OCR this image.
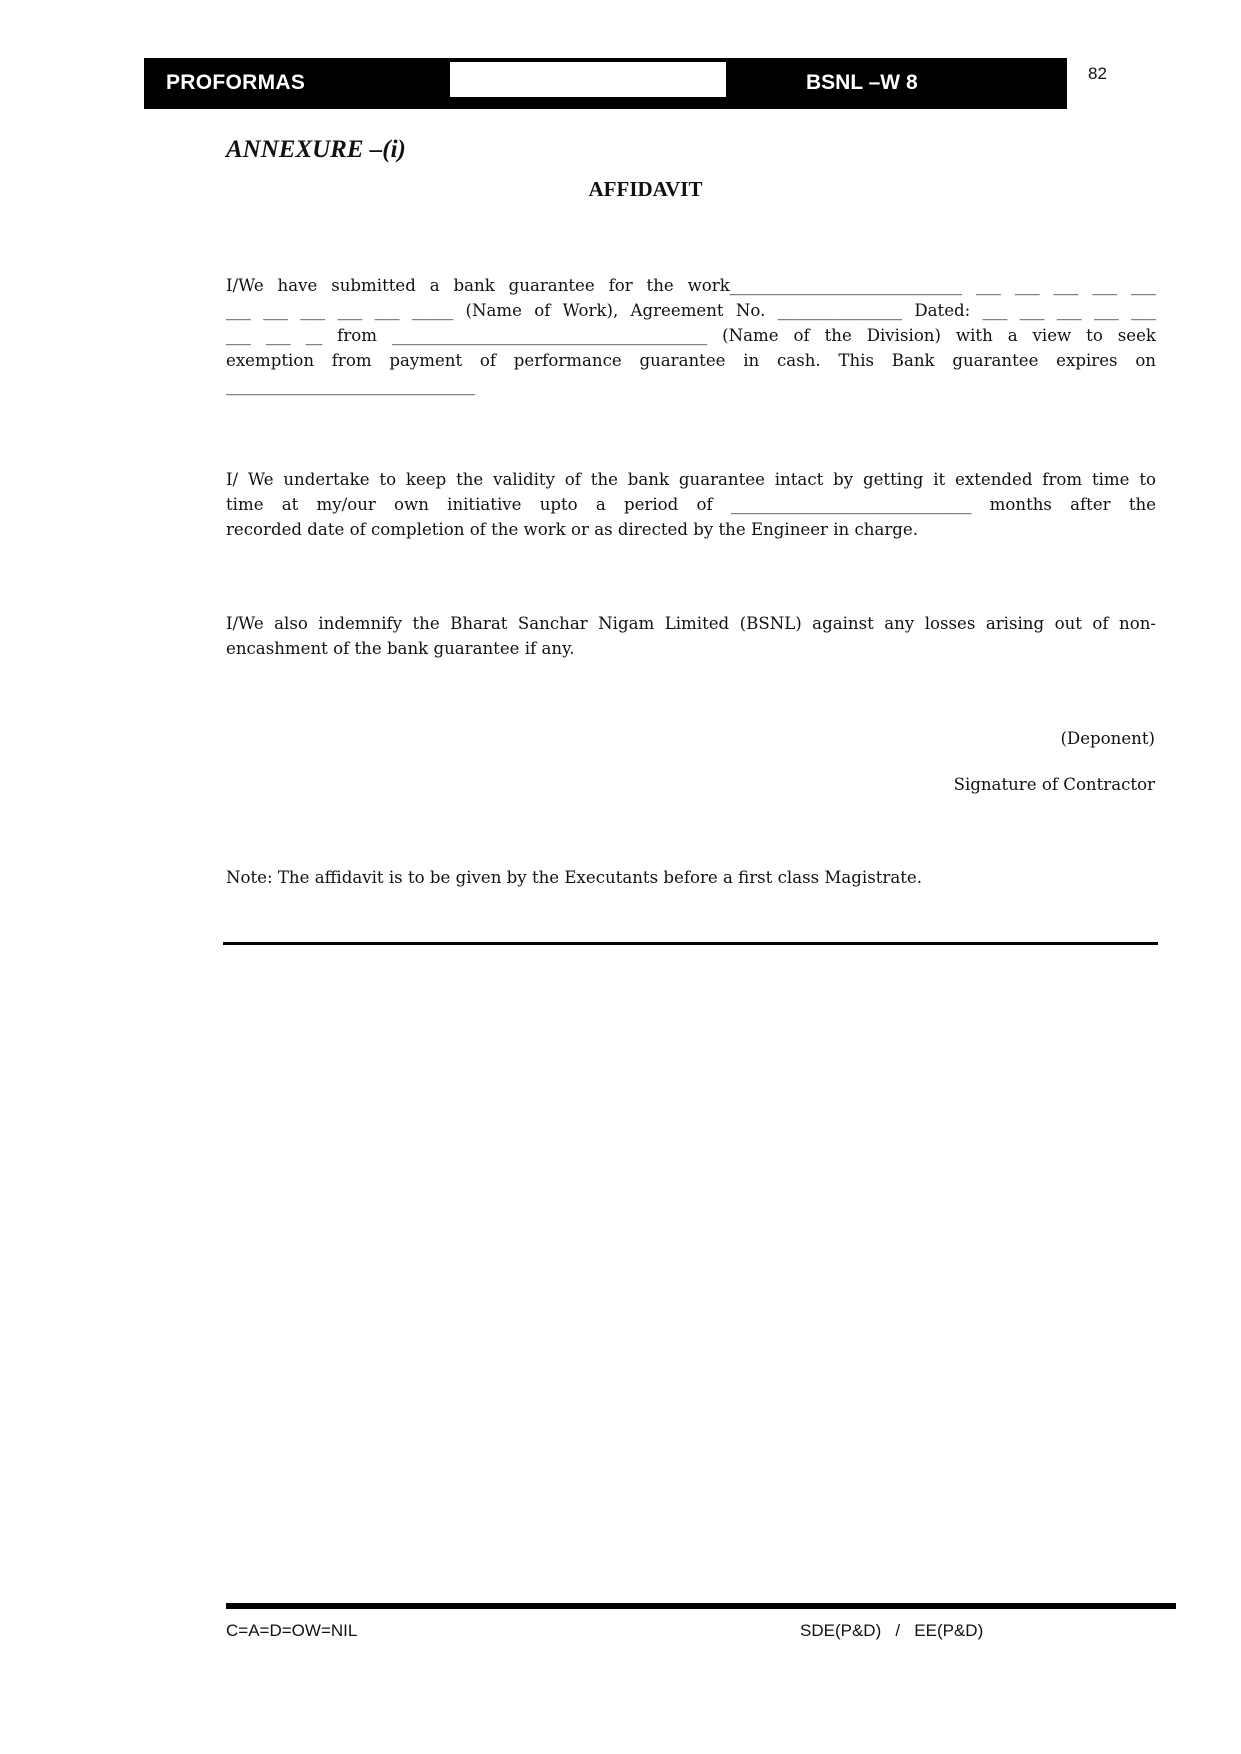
PROFORMAS	BSNL –W 8	82
ANNEXURE –(i)
AFFIDAVIT

I/We have submitted a bank guarantee for the work____________________________ ___ ___ ___ ___ ___

___ ___ ___ ___ ___ _____ (Name of Work), Agreement No. _______________ Dated: ___ ___ ___ ___ ___

___ ___ __ from ______________________________________ (Name of the Division) with a view to seek

exemption from payment of performance guarantee in cash. This Bank guarantee expires on

______________________________

I/ We undertake to keep the validity of the bank guarantee intact by getting it extended from time to

time at my/our own initiative upto a period of _____________________________ months after the

recorded date of completion of the work or as directed by the Engineer in charge.

I/We also indemnify the Bharat Sanchar Nigam Limited (BSNL) against any losses arising out of non-

encashment of the bank guarantee if any.

(Deponent)
Signature of Contractor
Note: The affidavit is to be given by the Executants before a first class Magistrate.
C=A=D=OW=NIL	SDE(P&D)   /   EE(P&D)
